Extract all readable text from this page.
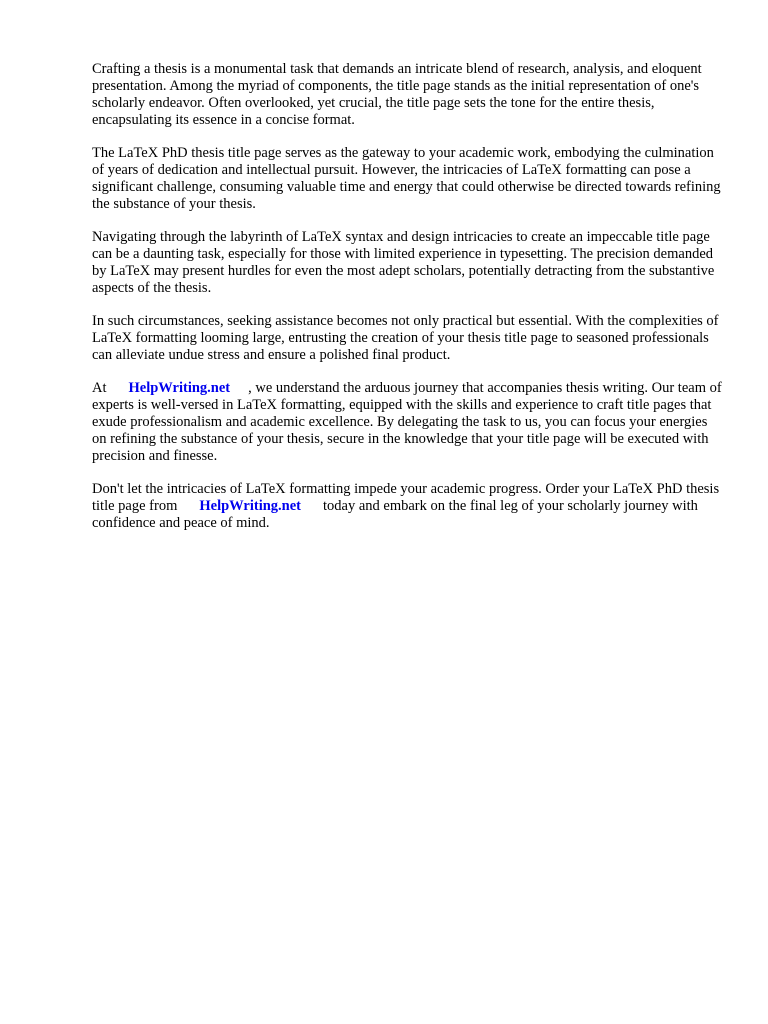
Crafting a thesis is a monumental task that demands an intricate blend of research, analysis, and eloquent presentation. Among the myriad of components, the title page stands as the initial representation of one's scholarly endeavor. Often overlooked, yet crucial, the title page sets the tone for the entire thesis, encapsulating its essence in a concise format.

The LaTeX PhD thesis title page serves as the gateway to your academic work, embodying the culmination of years of dedication and intellectual pursuit. However, the intricacies of LaTeX formatting can pose a significant challenge, consuming valuable time and energy that could otherwise be directed towards refining the substance of your thesis.

Navigating through the labyrinth of LaTeX syntax and design intricacies to create an impeccable title page can be a daunting task, especially for those with limited experience in typesetting. The precision demanded by LaTeX may present hurdles for even the most adept scholars, potentially detracting from the substantive aspects of the thesis.

In such circumstances, seeking assistance becomes not only practical but essential. With the complexities of LaTeX formatting looming large, entrusting the creation of your thesis title page to seasoned professionals can alleviate undue stress and ensure a polished final product.

At HelpWriting.net , we understand the arduous journey that accompanies thesis writing. Our team of experts is well-versed in LaTeX formatting, equipped with the skills and experience to craft title pages that exude professionalism and academic excellence. By delegating the task to us, you can focus your energies on refining the substance of your thesis, secure in the knowledge that your title page will be executed with precision and finesse.

Don't let the intricacies of LaTeX formatting impede your academic progress. Order your LaTeX PhD thesis title page from HelpWriting.net today and embark on the final leg of your scholarly journey with confidence and peace of mind.
